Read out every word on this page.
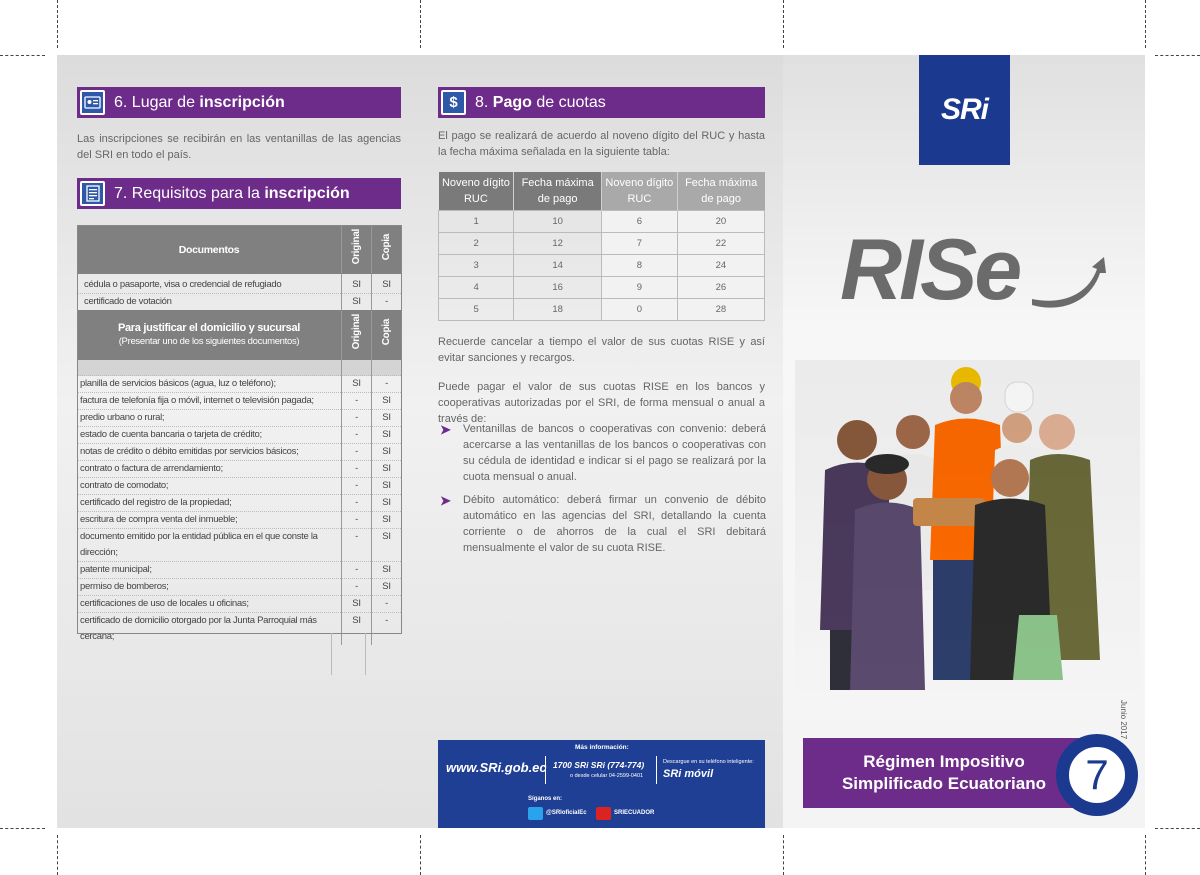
6. Lugar de inscripción
Las inscripciones se recibirán en las ventanillas de las agencias del SRI en todo el país.
7. Requisitos para la inscripción
Documentos	Original	Copia

cédula o pasaporte, visa o credencial de refugiado	SI	SI
certificado de votación	SI	-

Para justificar el domicilio y sucursal
(Presentar uno de los siguientes documentos)	Original	Copia

planilla de servicios básicos (agua, luz o teléfono);	SI	-
factura de telefonía fija o móvil, internet o televisión pagada;	-	SI
predio urbano o rural;	-	SI
estado de cuenta bancaria o tarjeta de crédito;	-	SI
notas de crédito o débito emitidas por servicios básicos;	-	SI
contrato o factura de arrendamiento;	-	SI
contrato de comodato;	-	SI
certificado del registro de la propiedad;	-	SI
escritura de compra venta del inmueble;	-	SI
documento emitido por la entidad pública en el que conste la dirección;	-	SI
patente municipal;	-	SI
permiso de bomberos;	-	SI
certificaciones de uso de locales u oficinas;	SI	-
certificado de domicilio otorgado por la Junta Parroquial más cercana;	SI	-
$	8. Pago de cuotas
El pago se realizará de acuerdo al noveno dígito del RUC y hasta la fecha máxima señalada en la siguiente tabla:
Noveno dígito RUC	Fecha máxima de pago	Noveno dígito RUC	Fecha máxima de pago
1	10	6	20
2	12	7	22
3	14	8	24
4	16	9	26
5	18	0	28
Recuerde cancelar a tiempo el valor de sus cuotas RISE y así evitar sanciones y recargos.
Puede pagar el valor de sus cuotas RISE en los bancos y cooperativas autorizadas por el SRI, de forma mensual o anual a través de:
➤ Ventanillas de bancos o cooperativas con convenio: deberá acercarse a las ventanillas de los bancos o cooperativas con su cédula de identidad e indicar si el pago se realizará por la cuota mensual o anual.
➤ Débito automático: deberá firmar un convenio de débito automático en las agencias del SRI, detallando la cuenta corriente o de ahorros de la cual el SRI debitará mensualmente el valor de su cuota RISE.
Más información:
www.SRi.gob.ec 1700 SRi SRi (774-774)
o desde celular 04-2599-0401
Descargue en su teléfono inteligente:
SRi móvil
Síganos en:
@SRIoficialEc	SRIECUADOR
SRi
RISe
Régimen Impositivo
Simplificado Ecuatoriano 7
Junio 2017
